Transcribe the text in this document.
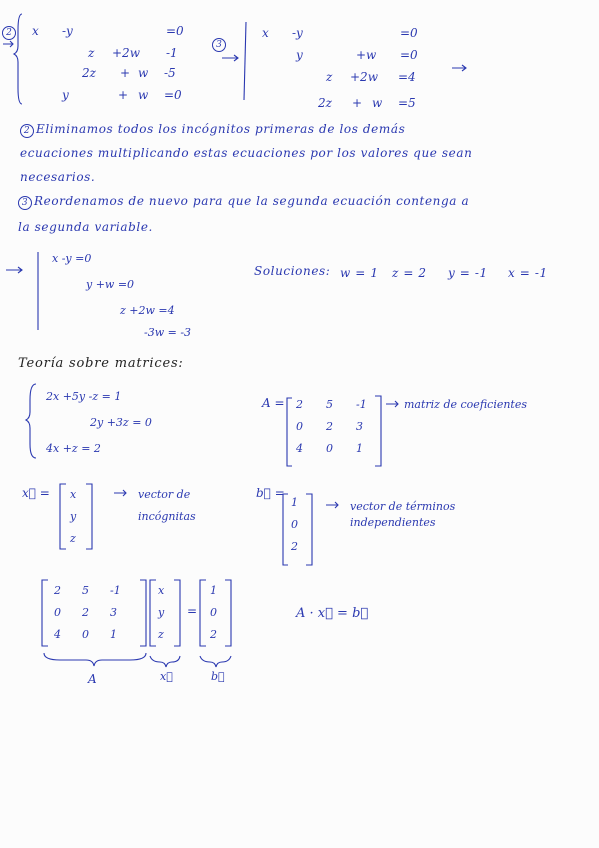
2	x -y	=0
z +2w -1
2z + w -5
y	+ w =0
3
x -y	=0
y	+w =0
z +2w =4
2z + w =5
2 Eliminamos todos los incógnitos primeras de los demás
ecuaciones multiplicando estas ecuaciones por los valores que sean
necesarios.
3 Reordenamos de nuevo para que la segunda ecuación contenga a
la segunda variable.
x -y =0
y +w =0
z +2w =4
-3w = -3
Soluciones: w = 1 z = 2 y = -1 x = -1
Teoría sobre matrices:
2x +5y -z = 1
2y +3z = 0
4x +z = 2
A = 2 5 -1
0 2 3
4 0 1
matriz de coeficientes
x⃗ = x
y
z
vector de
incógnitas
b⃗ =
1
0
2
vector de términos
independientes
2 5 -1
0 2 3
4 0 1
x
y
z
=
1
0
2
A	x⃗	b⃗
A · x⃗ = b⃗
